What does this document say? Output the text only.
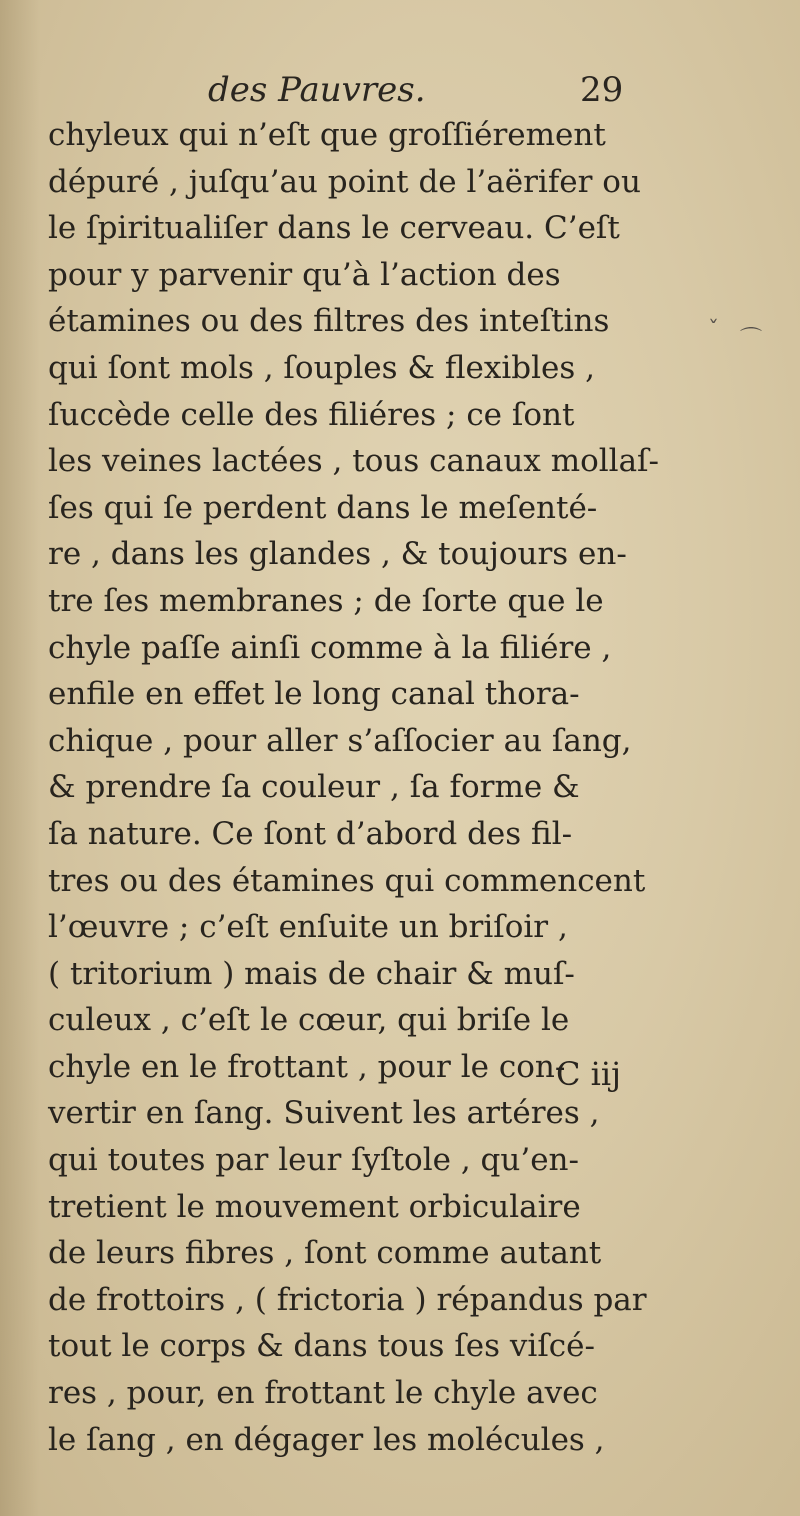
des Pauvres.	29
chyleux qui n’eſt que groſſiérement
dépuré , juſqu’au point de l’aërifer ou
le ſpiritualiſer dans le cerveau. C’eſt
pour y parvenir qu’à l’action des
étamines ou des filtres des inteſtins
qui ſont mols , ſouples & flexibles ,
ſuccède celle des filiéres ; ce ſont
les veines lactées , tous canaux mollaſ-
ſes qui ſe perdent dans le meſenté-
re , dans les glandes , & toujours en-
tre ſes membranes ; de ſorte que le
chyle paſſe ainſi comme à la filiére ,
enfile en effet le long canal thora-
chique , pour aller s’aſſocier au ſang,
& prendre ſa couleur , ſa forme &
ſa nature. Ce ſont d’abord des fil-
tres ou des étamines qui commencent
l’œuvre ; c’eſt enſuite un briſoir ,
( tritorium ) mais de chair & muſ-
culeux , c’eſt le cœur, qui briſe le
chyle en le frottant , pour le con-
vertir en ſang. Suivent les artéres ,
qui toutes par leur ſyſtole , qu’en-
tretient le mouvement orbiculaire
de leurs fibres , ſont comme autant
de frottoirs , ( frictoria ) répandus par
tout le corps & dans tous ſes viſcé-
res , pour, en frottant le chyle avec
le ſang , en dégager les molécules ,
C iij
ˇ ⌒
